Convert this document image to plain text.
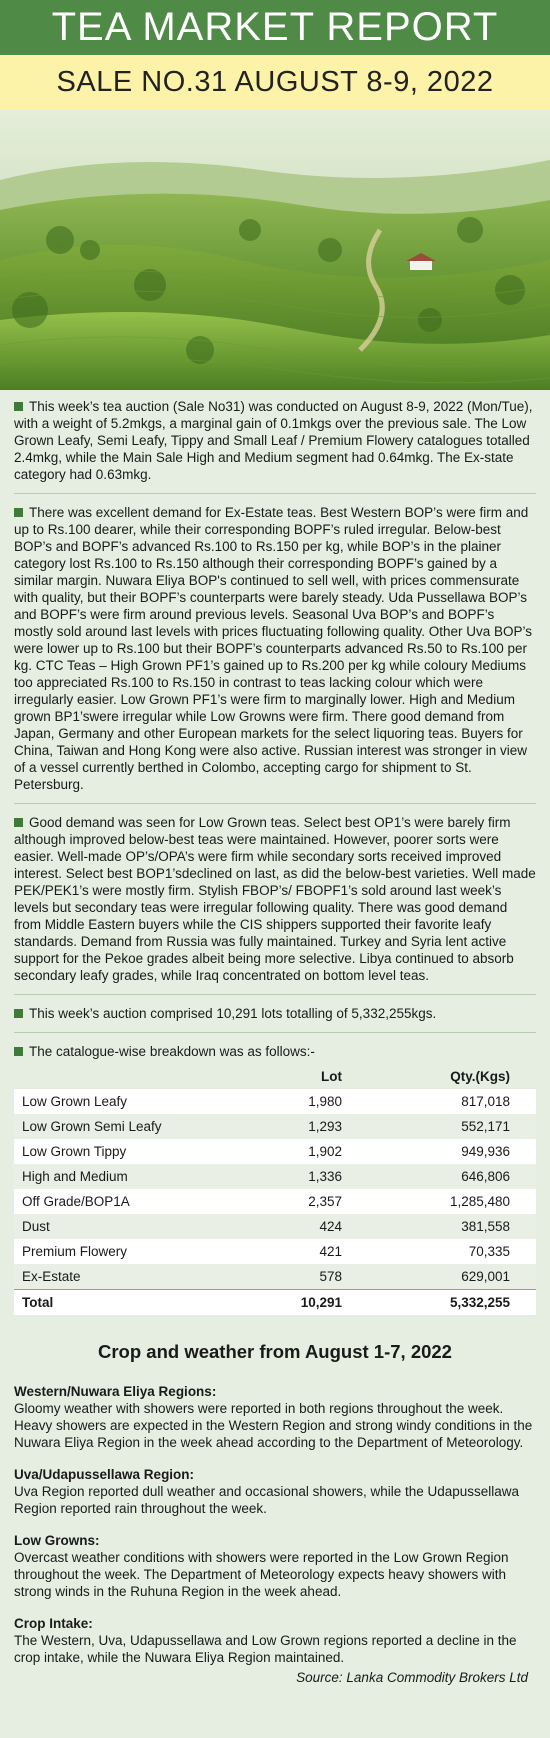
TEA MARKET REPORT
SALE NO.31 AUGUST 8-9, 2022

This week’s tea auction (Sale No31) was conducted on August 8-9, 2022 (Mon/Tue), with a weight of 5.2mkgs, a marginal gain of 0.1mkgs over the previous sale. The Low Grown Leafy, Semi Leafy, Tippy and Small Leaf / Premium Flowery catalogues totalled 2.4mkg, while the Main Sale High and Medium segment had 0.64mkg. The Ex-state category had 0.63mkg.

There was excellent demand for Ex-Estate teas. Best Western BOP’s were firm and up to Rs.100 dearer, while their corresponding BOPF’s ruled irregular. Below-best BOP’s and BOPF’s advanced Rs.100 to Rs.150 per kg, while BOP’s in the plainer category lost Rs.100 to Rs.150 although their corresponding BOPF’s gained by a similar margin. Nuwara Eliya BOP's continued to sell well, with prices commensurate with quality, but their BOPF’s counterparts were barely steady. Uda Pussellawa BOP’s and BOPF’s were firm around previous levels. Seasonal Uva BOP’s and BOPF’s mostly sold around last levels with prices fluctuating following quality. Other Uva BOP’s were lower up to Rs.100 but their BOPF’s counterparts advanced Rs.50 to Rs.100 per kg. CTC Teas – High Grown PF1’s gained up to Rs.200 per kg while coloury Mediums too appreciated Rs.100 to Rs.150 in contrast to teas lacking colour which were irregularly easier. Low Grown PF1’s were firm to marginally lower. High and Medium grown BP1’swere irregular while Low Growns were firm. There good demand from Japan, Germany and other European markets for the select liquoring teas. Buyers for China, Taiwan and Hong Kong were also active. Russian interest was stronger in view of a vessel currently berthed in Colombo, accepting cargo for shipment to St. Petersburg.

Good demand was seen for Low Grown teas. Select best OP1’s were barely firm although improved below-best teas were maintained. However, poorer sorts were easier. Well-made OP’s/OPA’s were firm while secondary sorts received improved interest. Select best BOP1’sdeclined on last, as did the below-best varieties. Well made PEK/PEK1’s were mostly firm. Stylish FBOP’s/ FBOPF1’s sold around last week’s levels but secondary teas were irregular following quality. There was good demand from Middle Eastern buyers while the CIS shippers supported their favorite leafy standards. Demand from Russia was fully maintained. Turkey and Syria lent active support for the Pekoe grades albeit being more selective. Libya continued to absorb secondary leafy grades, while Iraq concentrated on bottom level teas.

This week’s auction comprised 10,291 lots totalling of 5,332,255kgs.

The catalogue-wise breakdown was as follows:-

	Lot	Qty.(Kgs)
Low Grown Leafy	1,980	817,018
Low Grown Semi Leafy	1,293	552,171
Low Grown Tippy	1,902	949,936
High and Medium	1,336	646,806
Off Grade/BOP1A	2,357	1,285,480
Dust	424	381,558
Premium Flowery	421	70,335
Ex-Estate	578	629,001
Total	10,291	5,332,255
Crop and weather from August 1-7, 2022

Western/Nuwara Eliya Regions:

Gloomy weather with showers were reported in both regions throughout the week. Heavy showers are expected in the Western Region and strong windy conditions in the Nuwara Eliya Region in the week ahead according to the Department of Meteorology.

Uva/Udapussellawa Region:

Uva Region reported dull weather and occasional showers, while the Udapussellawa Region reported rain throughout the week.

Low Growns:

Overcast weather conditions with showers were reported in the Low Grown Region throughout the week. The Department of Meteorology expects heavy showers with strong winds in the Ruhuna Region in the week ahead.

Crop Intake:

The Western, Uva, Udapussellawa and Low Grown regions reported a decline in the crop intake, while the Nuwara Eliya Region maintained.

Source: Lanka Commodity Brokers Ltd
